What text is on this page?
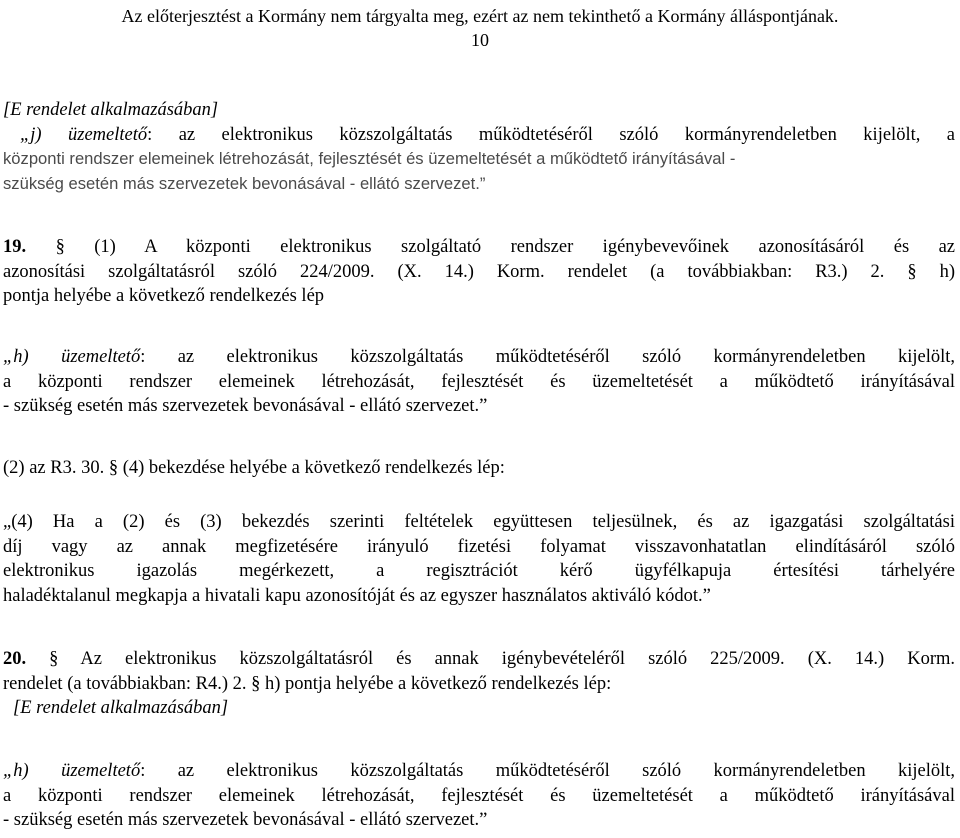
Az előterjesztést a Kormány nem tárgyalta meg, ezért az nem tekinthető a Kormány álláspontjának.
10
[E rendelet alkalmazásában]
„j) üzemeltető: az elektronikus közszolgáltatás működtetéséről szóló kormányrendeletben kijelölt, a
központi rendszer elemeinek létrehozását, fejlesztését és üzemeltetését a működtető irányításával -
szükség esetén más szervezetek bevonásával - ellátó szervezet.”
19. § (1) A központi elektronikus szolgáltató rendszer igénybevevőinek azonosításáról és az
azonosítási szolgáltatásról szóló 224/2009. (X. 14.) Korm. rendelet (a továbbiakban: R3.) 2. § h)
pontja helyébe a következő rendelkezés lép
„h) üzemeltető: az elektronikus közszolgáltatás működtetéséről szóló kormányrendeletben kijelölt,
a központi rendszer elemeinek létrehozását, fejlesztését és üzemeltetését a működtető irányításával
- szükség esetén más szervezetek bevonásával - ellátó szervezet.”
(2) az R3. 30. § (4) bekezdése helyébe a következő rendelkezés lép:
„(4) Ha a (2) és (3) bekezdés szerinti feltételek együttesen teljesülnek, és az igazgatási szolgáltatási
díj vagy az annak megfizetésére irányuló fizetési folyamat visszavonhatatlan elindításáról szóló
elektronikus igazolás megérkezett, a regisztrációt kérő ügyfélkapuja értesítési tárhelyére
haladéktalanul megkapja a hivatali kapu azonosítóját és az egyszer használatos aktiváló kódot.”
20. § Az elektronikus közszolgáltatásról és annak igénybevételéről szóló 225/2009. (X. 14.) Korm.
rendelet (a továbbiakban: R4.) 2. § h) pontja helyébe a következő rendelkezés lép:
[E rendelet alkalmazásában]
„h) üzemeltető: az elektronikus közszolgáltatás működtetéséről szóló kormányrendeletben kijelölt,
a központi rendszer elemeinek létrehozását, fejlesztését és üzemeltetését a működtető irányításával
- szükség esetén más szervezetek bevonásával - ellátó szervezet.”
